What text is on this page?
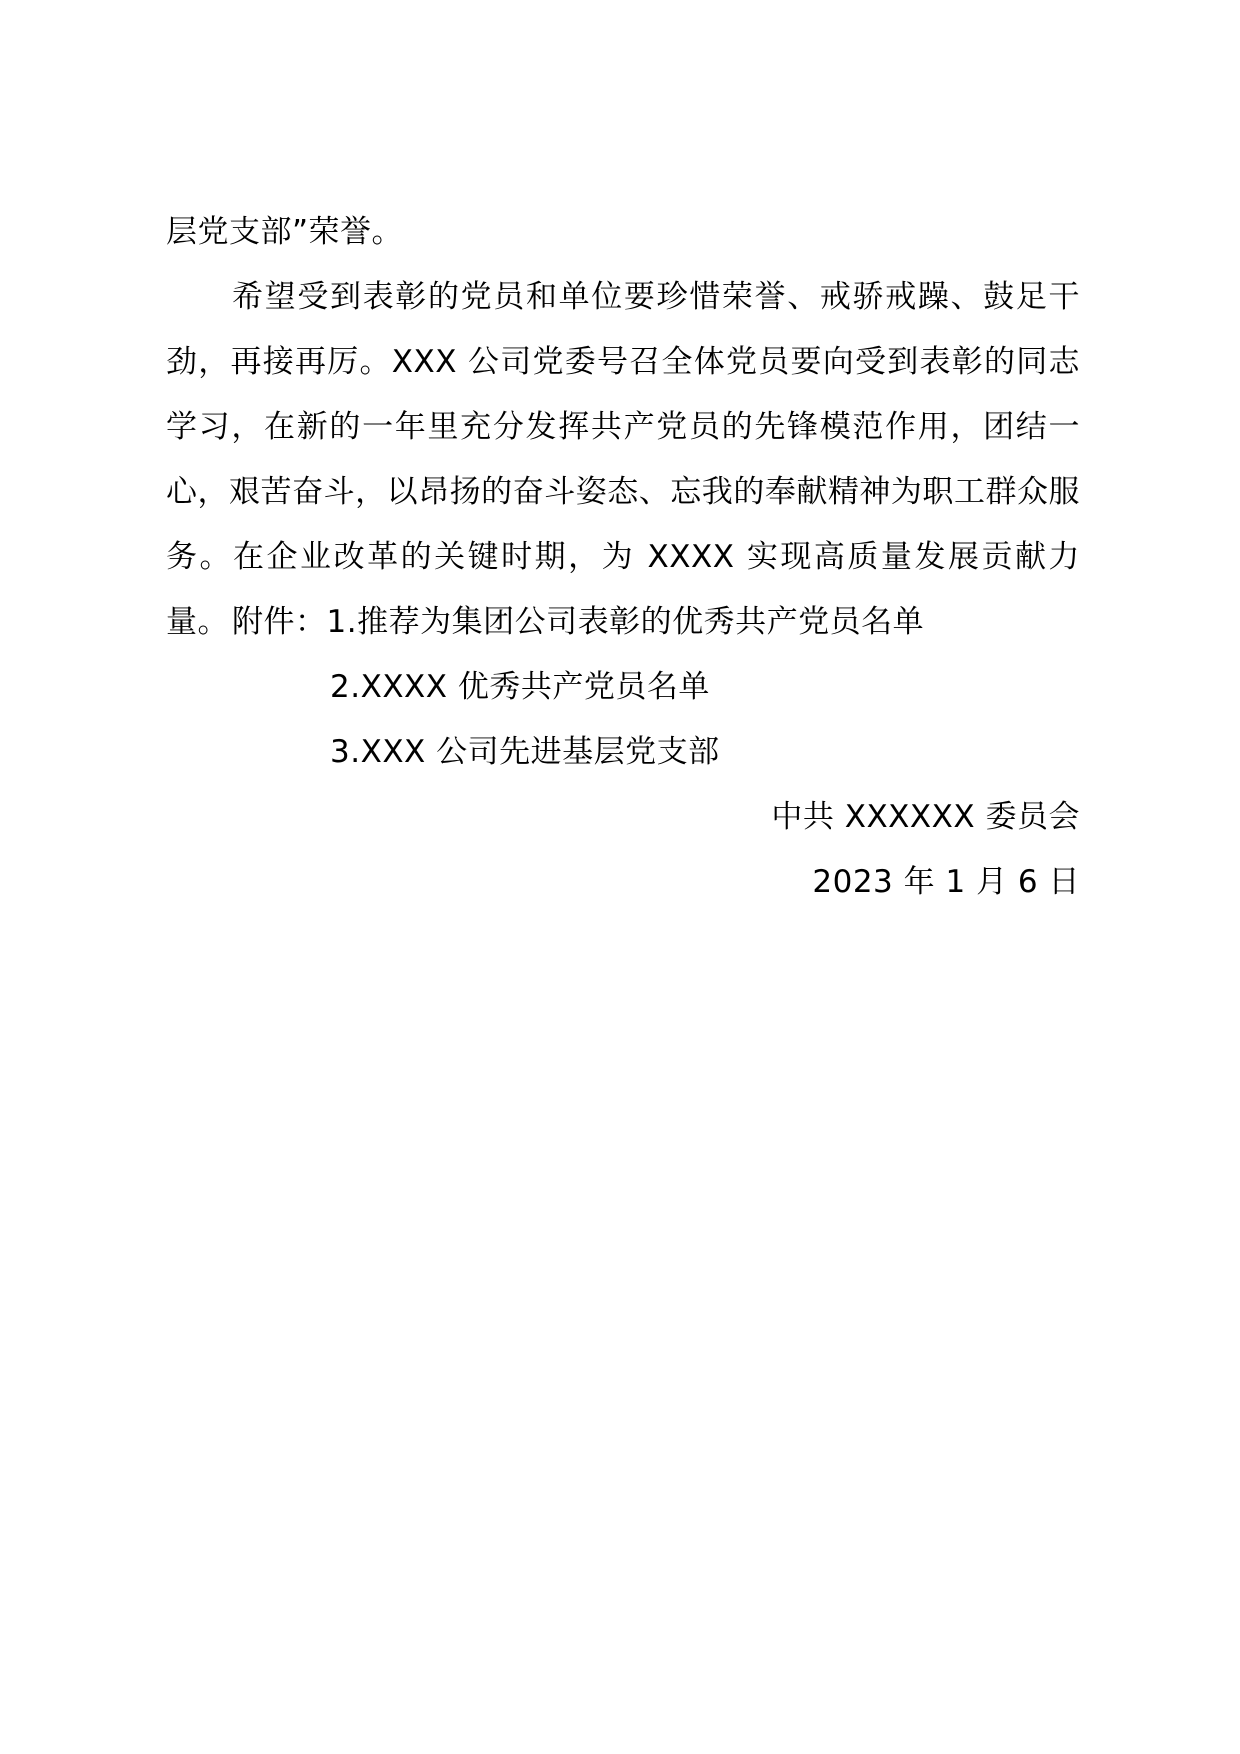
层党支部”荣誉。
希望受到表彰的党员和单位要珍惜荣誉、戒骄戒躁、鼓足干劲，再接再厉。XXX 公司党委号召全体党员要向受到表彰的同志学习，在新的一年里充分发挥共产党员的先锋模范作用，团结一心，艰苦奋斗，以昂扬的奋斗姿态、忘我的奉献精神为职工群众服务。在企业改革的关键时期，为 XXXX 实现高质量发展贡献力量。 附件：1.推荐为集团公司表彰的优秀共产党员名单
2.XXXX 优秀共产党员名单
3.XXX 公司先进基层党支部
中共 XXXXXX 委员会
2023 年 1 月 6 日
